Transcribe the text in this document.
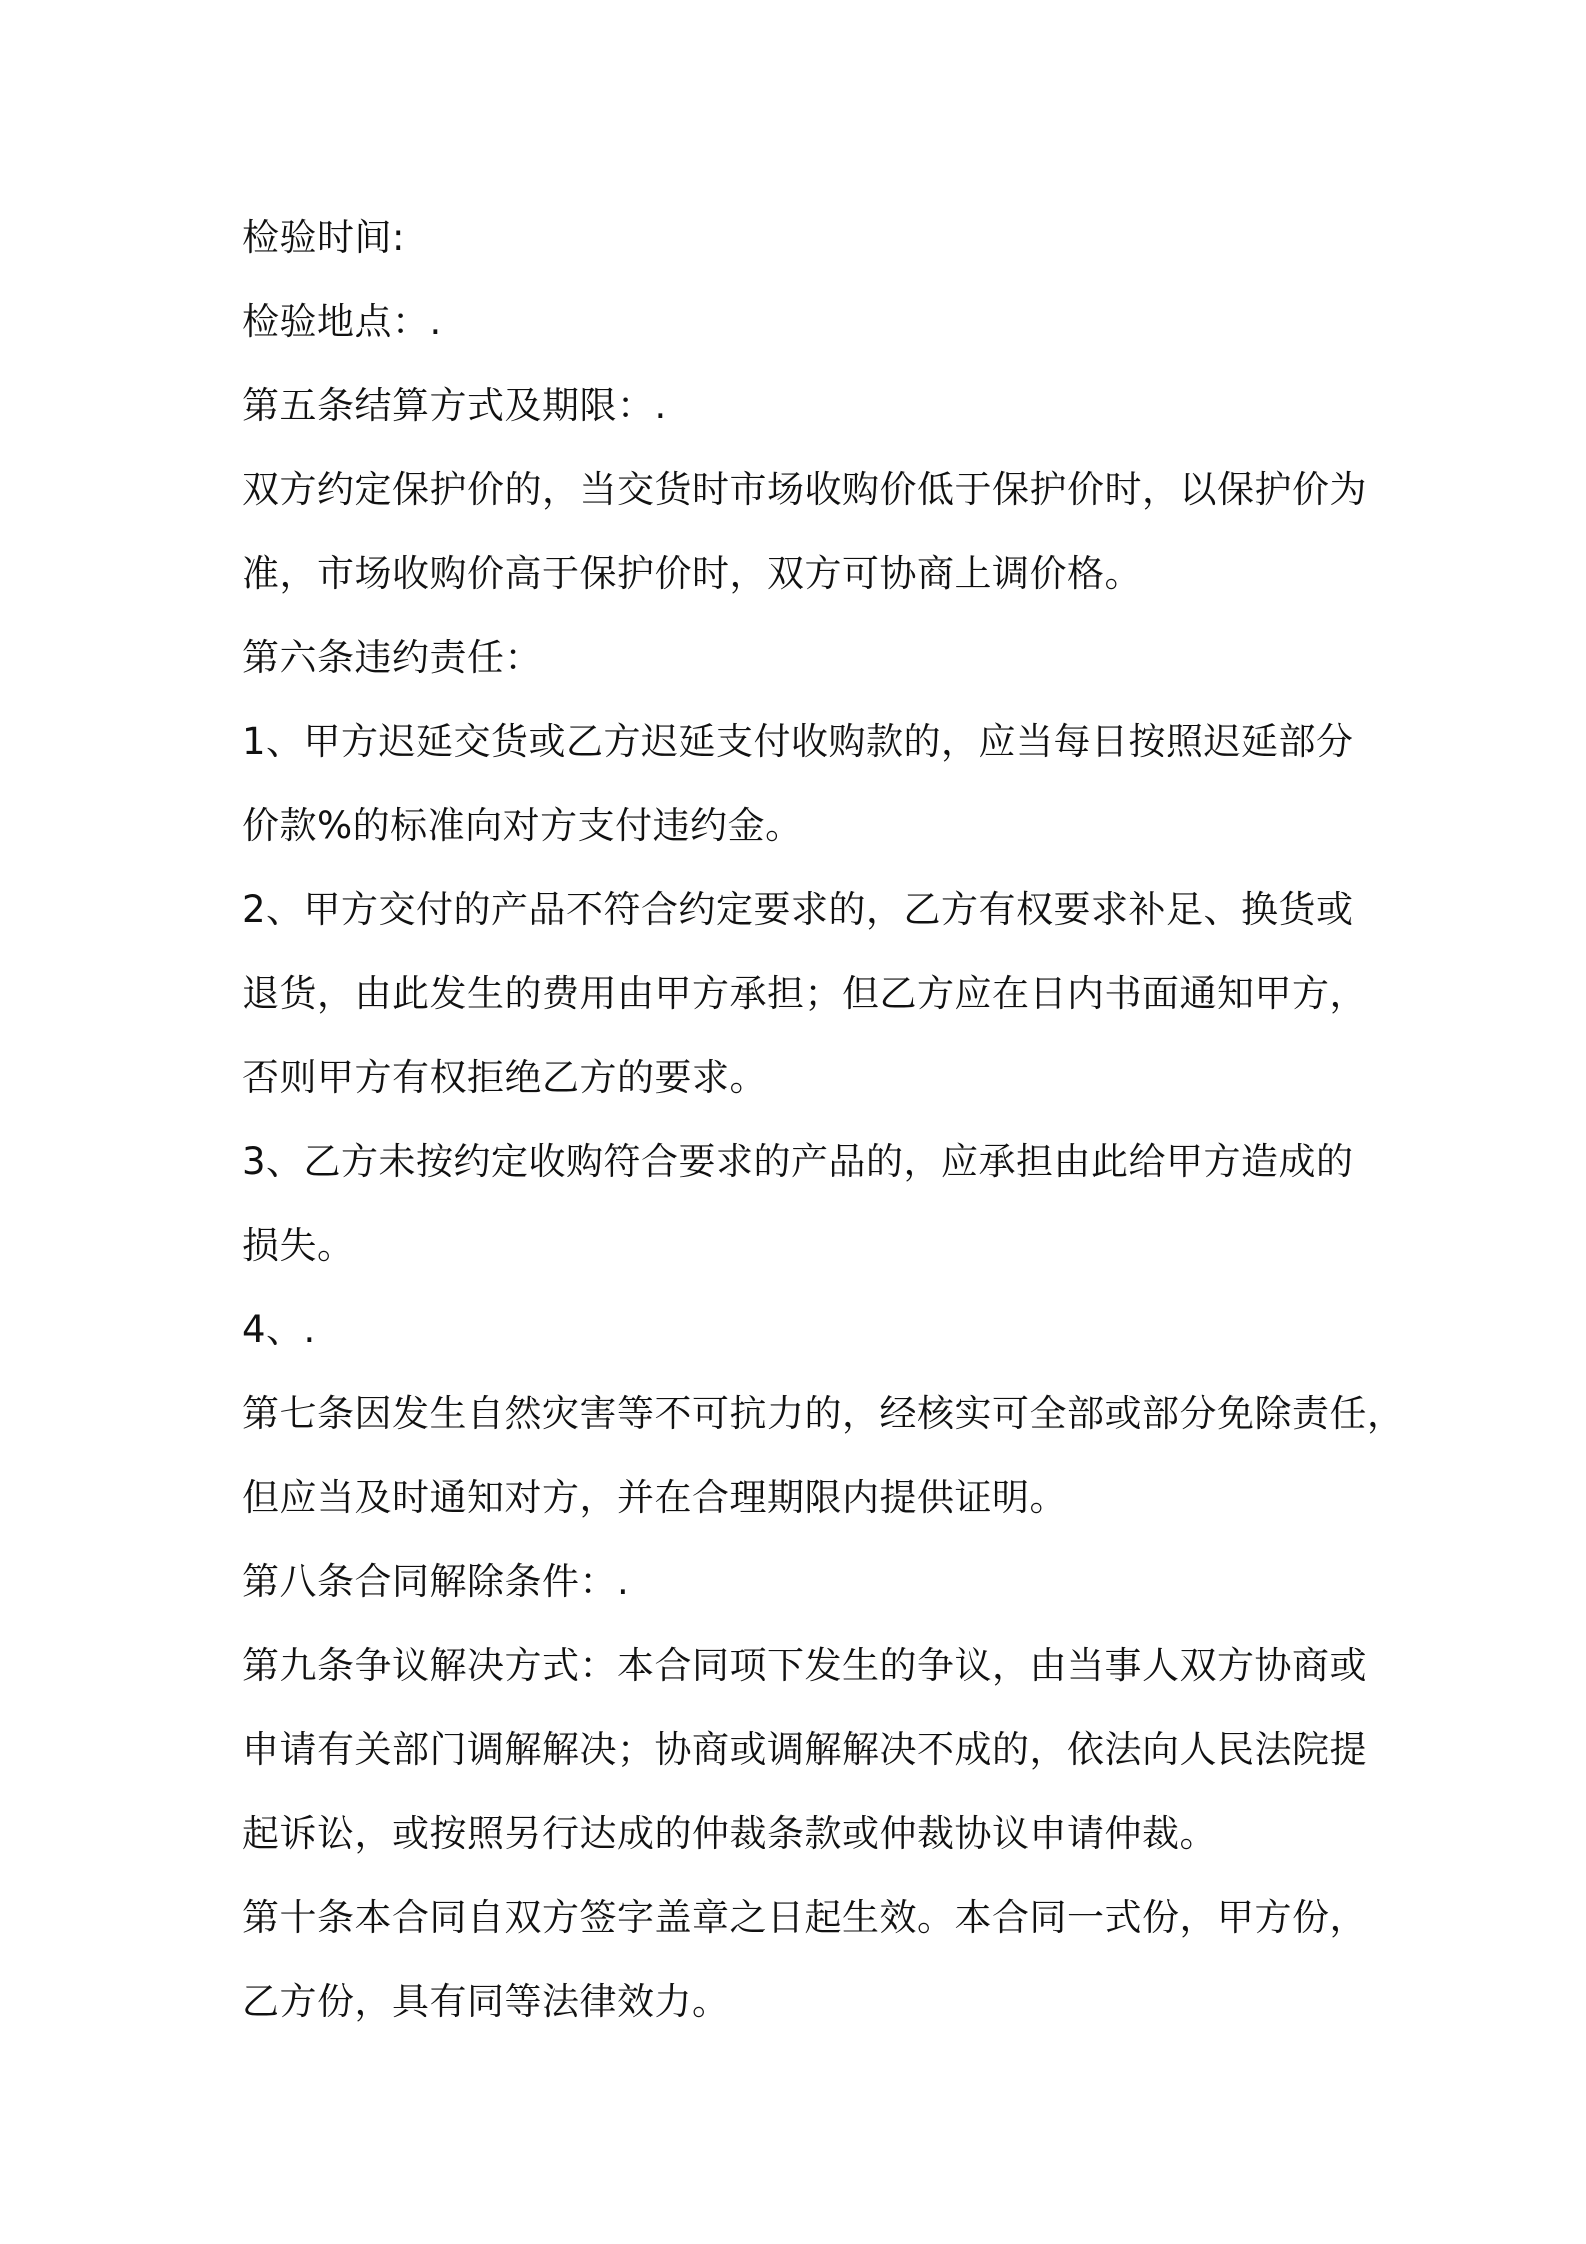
检验时间:
检验地点：.
第五条结算方式及期限：.
双方约定保护价的，当交货时市场收购价低于保护价时，以保护价为
准，市场收购价高于保护价时，双方可协商上调价格。
第六条违约责任：
1、甲方迟延交货或乙方迟延支付收购款的，应当每日按照迟延部分
价款%的标准向对方支付违约金。
2、甲方交付的产品不符合约定要求的，乙方有权要求补足、换货或
退货，由此发生的费用由甲方承担；但乙方应在日内书面通知甲方，
否则甲方有权拒绝乙方的要求。
3、乙方未按约定收购符合要求的产品的，应承担由此给甲方造成的
损失。
4、.
第七条因发生自然灾害等不可抗力的，经核实可全部或部分免除责任，
但应当及时通知对方，并在合理期限内提供证明。
第八条合同解除条件：.
第九条争议解决方式：本合同项下发生的争议，由当事人双方协商或
申请有关部门调解解决；协商或调解解决不成的，依法向人民法院提
起诉讼，或按照另行达成的仲裁条款或仲裁协议申请仲裁。
第十条本合同自双方签字盖章之日起生效。本合同一式份，甲方份，
乙方份，具有同等法律效力。
